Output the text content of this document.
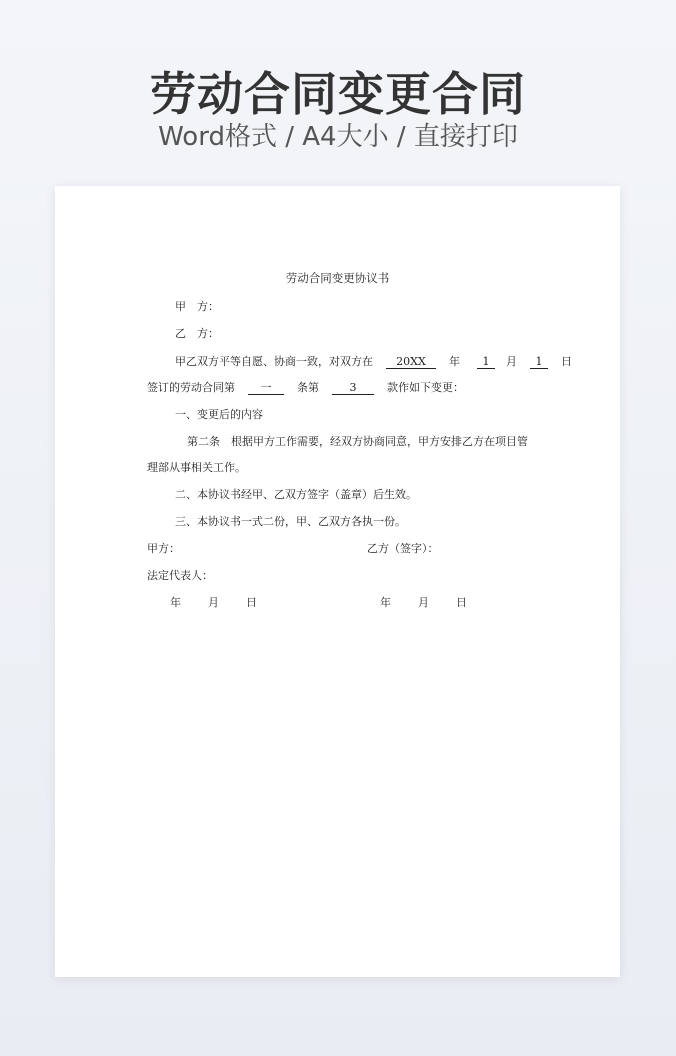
劳动合同变更合同
Word格式 / A4大小 / 直接打印
劳动合同变更协议书
甲　方：
乙　方：
甲乙双方平等自愿、协商一致，对双方在 20XX 年 1 月 1 日
签订的劳动合同第 一 条第	3	款作如下变更：
一、变更后的内容
第二条　根据甲方工作需要，经双方协商同意，甲方安排乙方在项目管
理部从事相关工作。
二、本协议书经甲、乙双方签字（盖章）后生效。
三、本协议书一式二份，甲、乙双方各执一份。
甲方：	乙方（签字）：
法定代表人：
年 月 日	年 月 日
